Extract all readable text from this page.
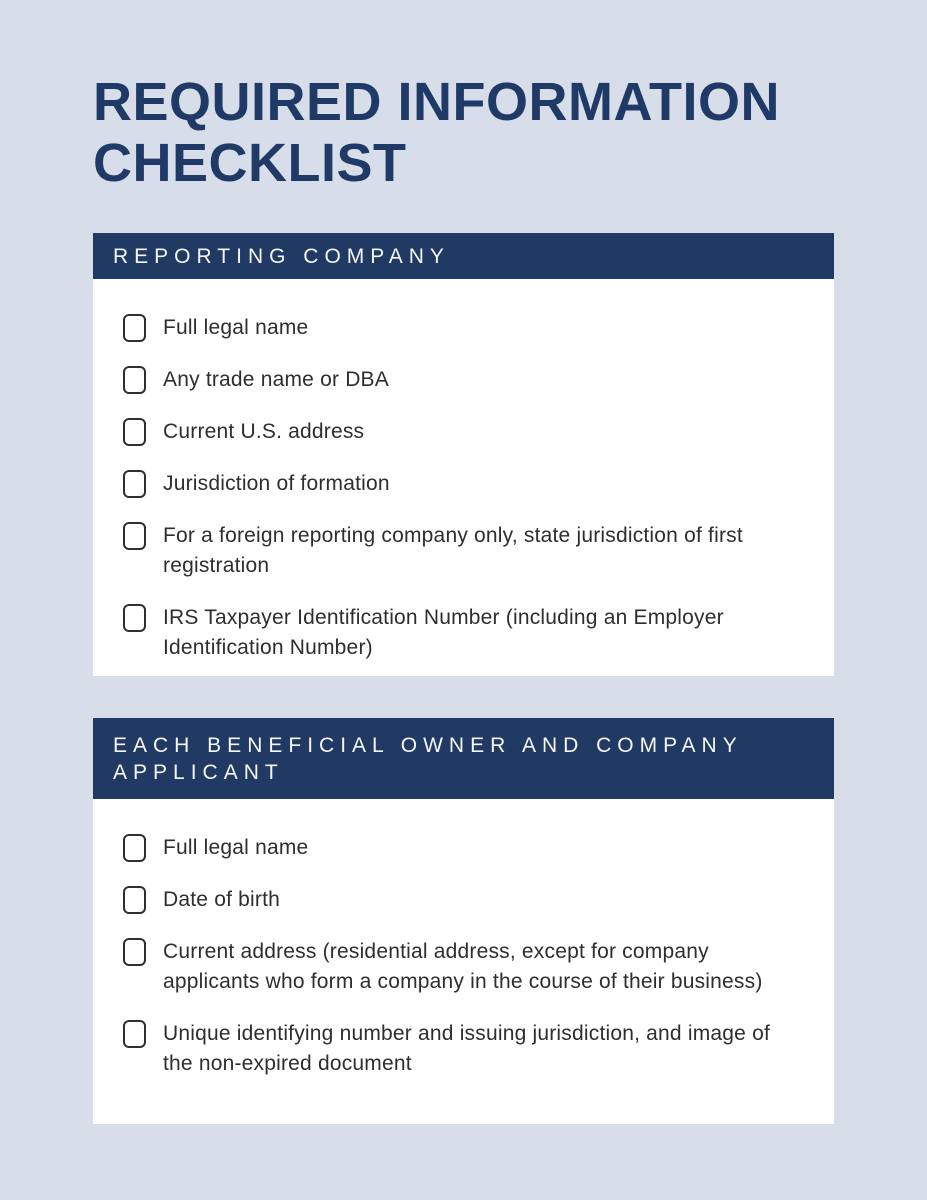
REQUIRED INFORMATION CHECKLIST
REPORTING COMPANY
Full legal name
Any trade name or DBA
Current U.S. address
Jurisdiction of formation
For a foreign reporting company only, state jurisdiction of first registration
IRS Taxpayer Identification Number (including an Employer Identification Number)
EACH BENEFICIAL OWNER AND COMPANY APPLICANT
Full legal name
Date of birth
Current address (residential address, except for company applicants who form a company in the course of their business)
Unique identifying number and issuing jurisdiction, and image of the non-expired document
